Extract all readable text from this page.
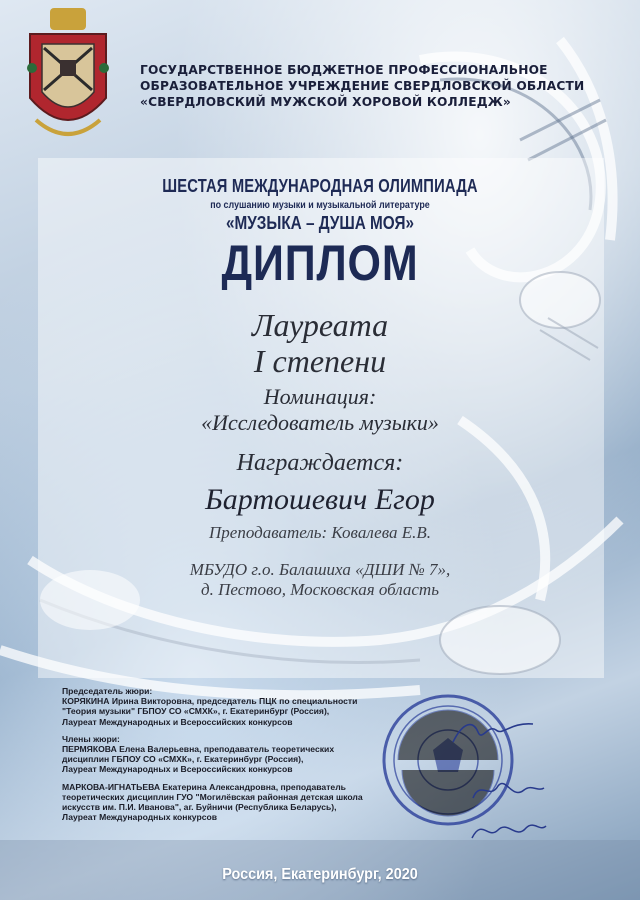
ГОСУДАРСТВЕННОЕ БЮДЖЕТНОЕ ПРОФЕССИОНАЛЬНОЕ
ОБРАЗОВАТЕЛЬНОЕ УЧРЕЖДЕНИЕ СВЕРДЛОВСКОЙ ОБЛАСТИ
«СВЕРДЛОВСКИЙ МУЖСКОЙ ХОРОВОЙ КОЛЛЕДЖ»
ШЕСТАЯ МЕЖДУНАРОДНАЯ ОЛИМПИАДА
по слушанию музыки и музыкальной литературе
«МУЗЫКА – ДУША МОЯ»
ДИПЛОМ
Лауреата
I степени
Номинация:
«Исследователь музыки»
Награждается:
Бартошевич Егор
Преподаватель: Ковалева Е.В.
МБУДО г.о. Балашиха «ДШИ № 7»,
д. Пестово, Московская область
Председатель жюри:
КОРЯКИНА Ирина Викторовна, председатель ПЦК по специальности
"Теория музыки" ГБПОУ СО «СМХК», г. Екатеринбург (Россия),
Лауреат Международных и Всероссийских конкурсов
Члены жюри:
ПЕРМЯКОВА Елена Валерьевна, преподаватель теоретических
дисциплин ГБПОУ СО «СМХК», г. Екатеринбург (Россия),
Лауреат Международных и Всероссийских конкурсов
МАРКОВА-ИГНАТЬЕВА Екатерина Александровна, преподаватель
теоретических дисциплин ГУО "Могилёвская районная детская школа
искусств им. П.И. Иванова", аг. Буйничи (Республика Беларусь),
Лауреат Международных конкурсов
Россия, Екатеринбург, 2020
